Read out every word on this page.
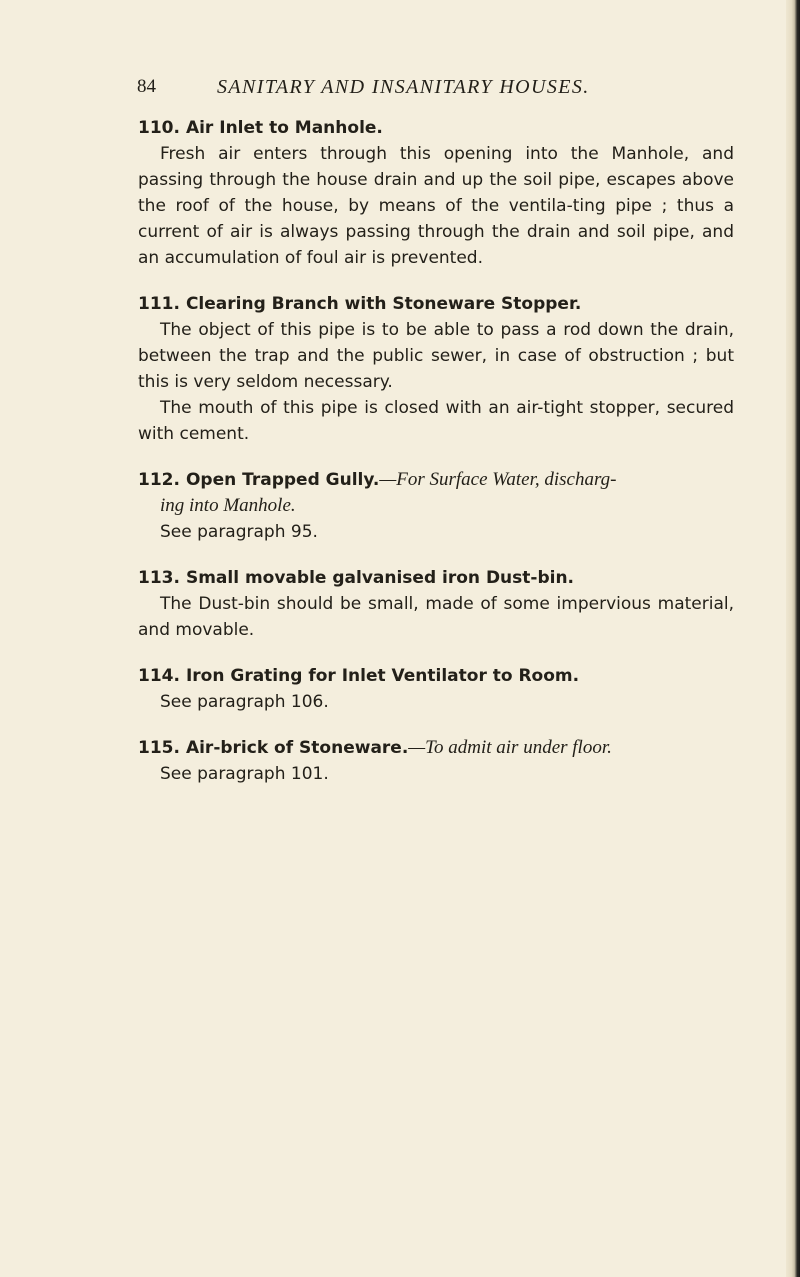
84	SANITARY AND INSANITARY HOUSES.

110. Air Inlet to Manhole.

Fresh air enters through this opening into the Manhole, and passing through the house drain and up the soil pipe, escapes above the roof of the house, by means of the ventila-ting pipe ; thus a current of air is always passing through the drain and soil pipe, and an accumulation of foul air is prevented.

111. Clearing Branch with Stoneware Stopper.

The object of this pipe is to be able to pass a rod down the drain, between the trap and the public sewer, in case of obstruction ; but this is very seldom necessary.

The mouth of this pipe is closed with an air-tight stopper, secured with cement.

112. Open Trapped Gully.—For Surface Water, discharg-

ing into Manhole.

See paragraph 95.

113. Small movable galvanised iron Dust-bin.

The Dust-bin should be small, made of some impervious material, and movable.

114. Iron Grating for Inlet Ventilator to Room.

See paragraph 106.

115. Air-brick of Stoneware.—To admit air under floor.

See paragraph 101.
